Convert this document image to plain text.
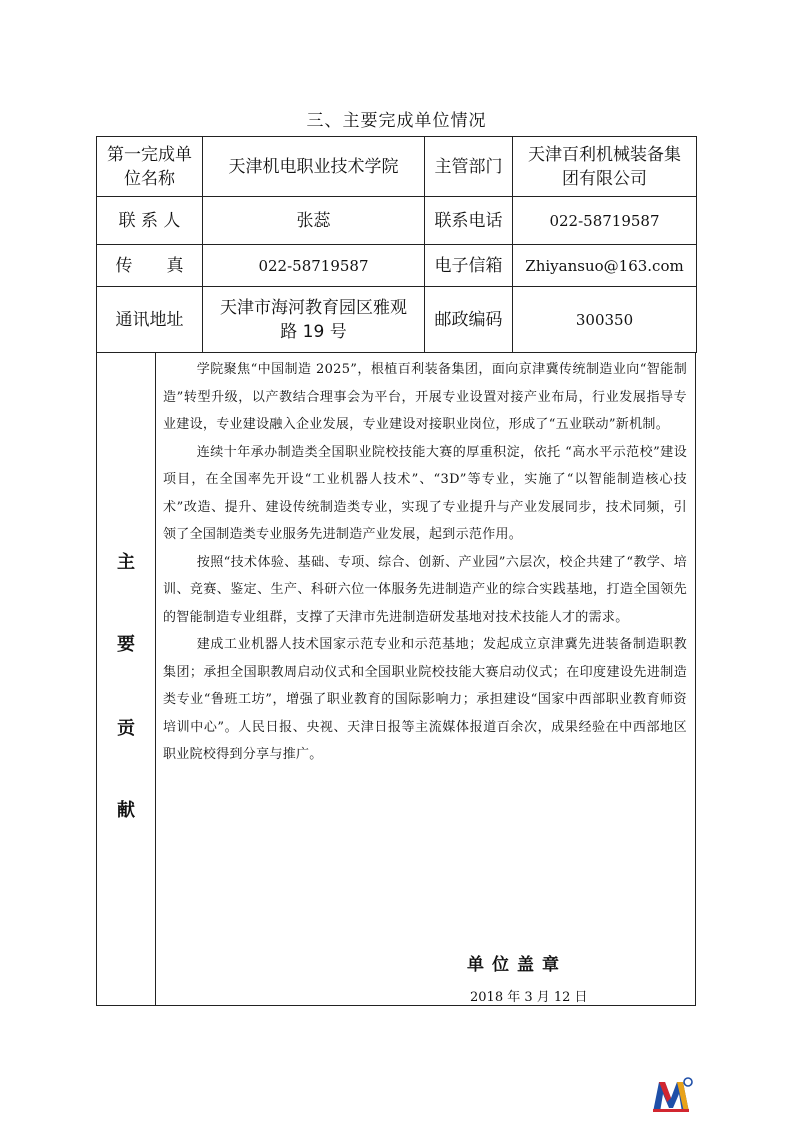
三、主要完成单位情况
第一完成单位名称	天津机电职业技术学院	主管部门	天津百利机械装备集团有限公司
联 系 人	张蕊	联系电话	022-58719587
传　　真	022-58719587	电子信箱	Zhiyansuo@163.com
通讯地址	天津市海河教育园区雅观路 19 号	邮政编码	300350
主
要
贡
献

学院聚焦“中国制造 2025”，根植百利装备集团，面向京津冀传统制造业向“智能制造”转型升级，以产教结合理事会为平台，开展专业设置对接产业布局，行业发展指导专业建设，专业建设融入企业发展，专业建设对接职业岗位，形成了“五业联动”新机制。

连续十年承办制造类全国职业院校技能大赛的厚重积淀，依托 “高水平示范校”建设项目，在全国率先开设“工业机器人技术”、“3D”等专业，实施了“以智能制造核心技术”改造、提升、建设传统制造类专业，实现了专业提升与产业发展同步，技术同频，引领了全国制造类专业服务先进制造产业发展，起到示范作用。

按照“技术体验、基础、专项、综合、创新、产业园”六层次，校企共建了“教学、培训、竞赛、鉴定、生产、科研六位一体服务先进制造产业的综合实践基地，打造全国领先的智能制造专业组群，支撑了天津市先进制造研发基地对技术技能人才的需求。

建成工业机器人技术国家示范专业和示范基地；发起成立京津冀先进装备制造职教集团；承担全国职教周启动仪式和全国职业院校技能大赛启动仪式；在印度建设先进制造类专业“鲁班工坊”，增强了职业教育的国际影响力；承担建设“国家中西部职业教育师资培训中心”。人民日报、央视、天津日报等主流媒体报道百余次，成果经验在中西部地区职业院校得到分享与推广。

单位盖章
2018 年 3 月 12 日
